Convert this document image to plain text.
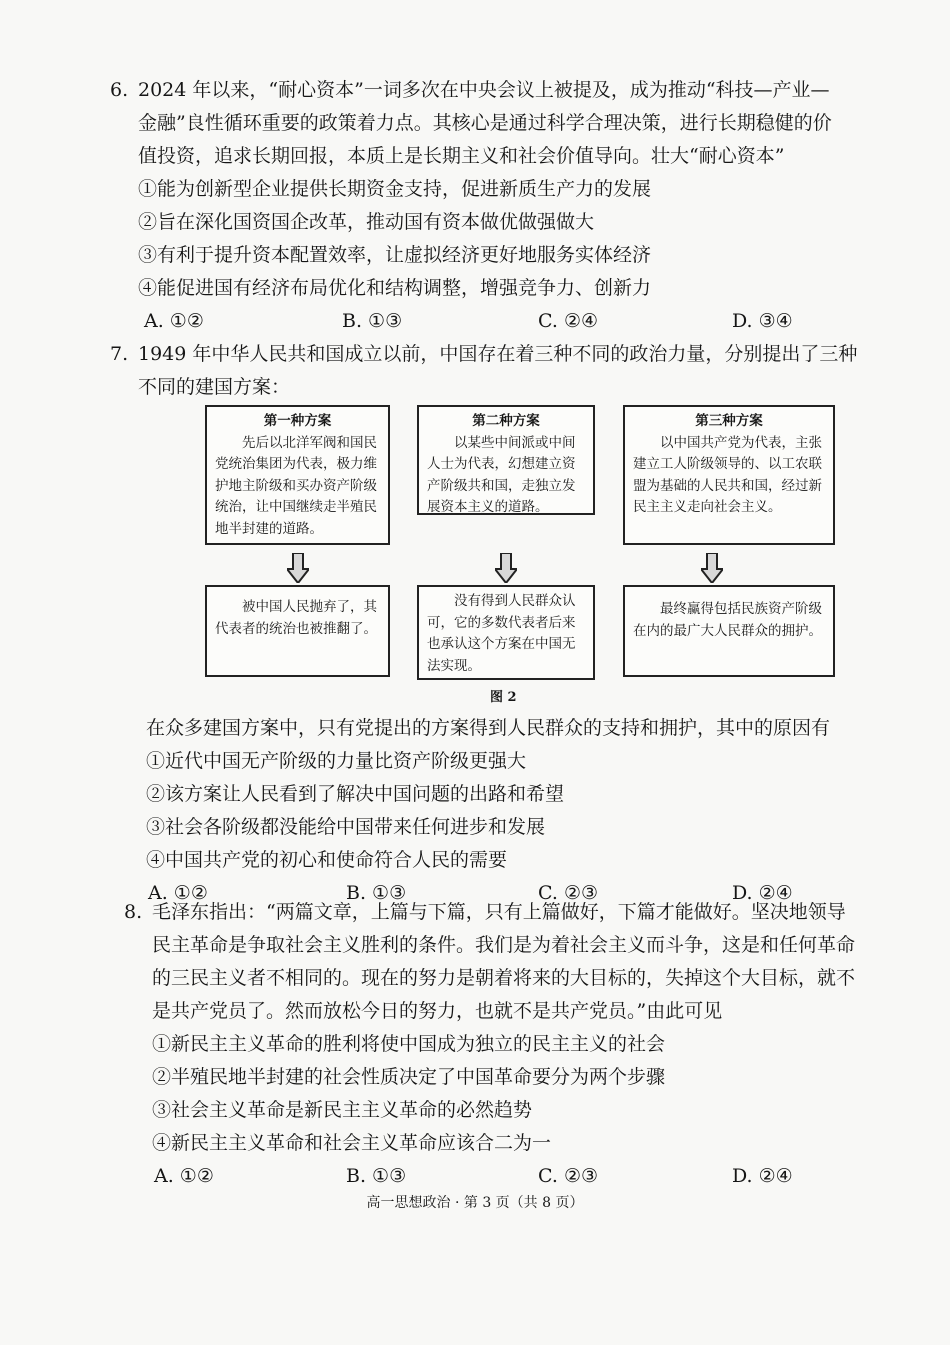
6. 2024 年以来，“耐心资本”一词多次在中央会议上被提及，成为推动“科技—产业—
金融”良性循环重要的政策着力点。其核心是通过科学合理决策，进行长期稳健的价
值投资，追求长期回报，本质上是长期主义和社会价值导向。壮大“耐心资本”
①能为创新型企业提供长期资金支持，促进新质生产力的发展
②旨在深化国资国企改革，推动国有资本做优做强做大
③有利于提升资本配置效率，让虚拟经济更好地服务实体经济
④能促进国有经济布局优化和结构调整，增强竞争力、创新力
A. ①②	B. ①③	C. ②④	D. ③④
7. 1949 年中华人民共和国成立以前，中国存在着三种不同的政治力量，分别提出了三种
不同的建国方案：
第一种方案
先后以北洋军阀和国民党统治集团为代表，极力维护地主阶级和买办资产阶级统治，让中国继续走半殖民地半封建的道路。
第二种方案
以某些中间派或中间人士为代表，幻想建立资产阶级共和国，走独立发展资本主义的道路。
第三种方案
以中国共产党为代表，主张建立工人阶级领导的、以工农联盟为基础的人民共和国，经过新民主主义走向社会主义。
被中国人民抛弃了，其代表者的统治也被推翻了。
没有得到人民群众认可，它的多数代表者后来也承认这个方案在中国无法实现。
最终赢得包括民族资产阶级在内的最广大人民群众的拥护。
图 2
在众多建国方案中，只有党提出的方案得到人民群众的支持和拥护，其中的原因有
①近代中国无产阶级的力量比资产阶级更强大
②该方案让人民看到了解决中国问题的出路和希望
③社会各阶级都没能给中国带来任何进步和发展
④中国共产党的初心和使命符合人民的需要
A. ①②	B. ①③	C. ②③	D. ②④
8. 毛泽东指出：“两篇文章，上篇与下篇，只有上篇做好，下篇才能做好。坚决地领导
民主革命是争取社会主义胜利的条件。我们是为着社会主义而斗争，这是和任何革命
的三民主义者不相同的。现在的努力是朝着将来的大目标的，失掉这个大目标，就不
是共产党员了。然而放松今日的努力，也就不是共产党员。”由此可见
①新民主主义革命的胜利将使中国成为独立的民主主义的社会
②半殖民地半封建的社会性质决定了中国革命要分为两个步骤
③社会主义革命是新民主主义革命的必然趋势
④新民主主义革命和社会主义革命应该合二为一
A. ①②	B. ①③	C. ②③	D. ②④
高一思想政治 · 第 3 页（共 8 页）
